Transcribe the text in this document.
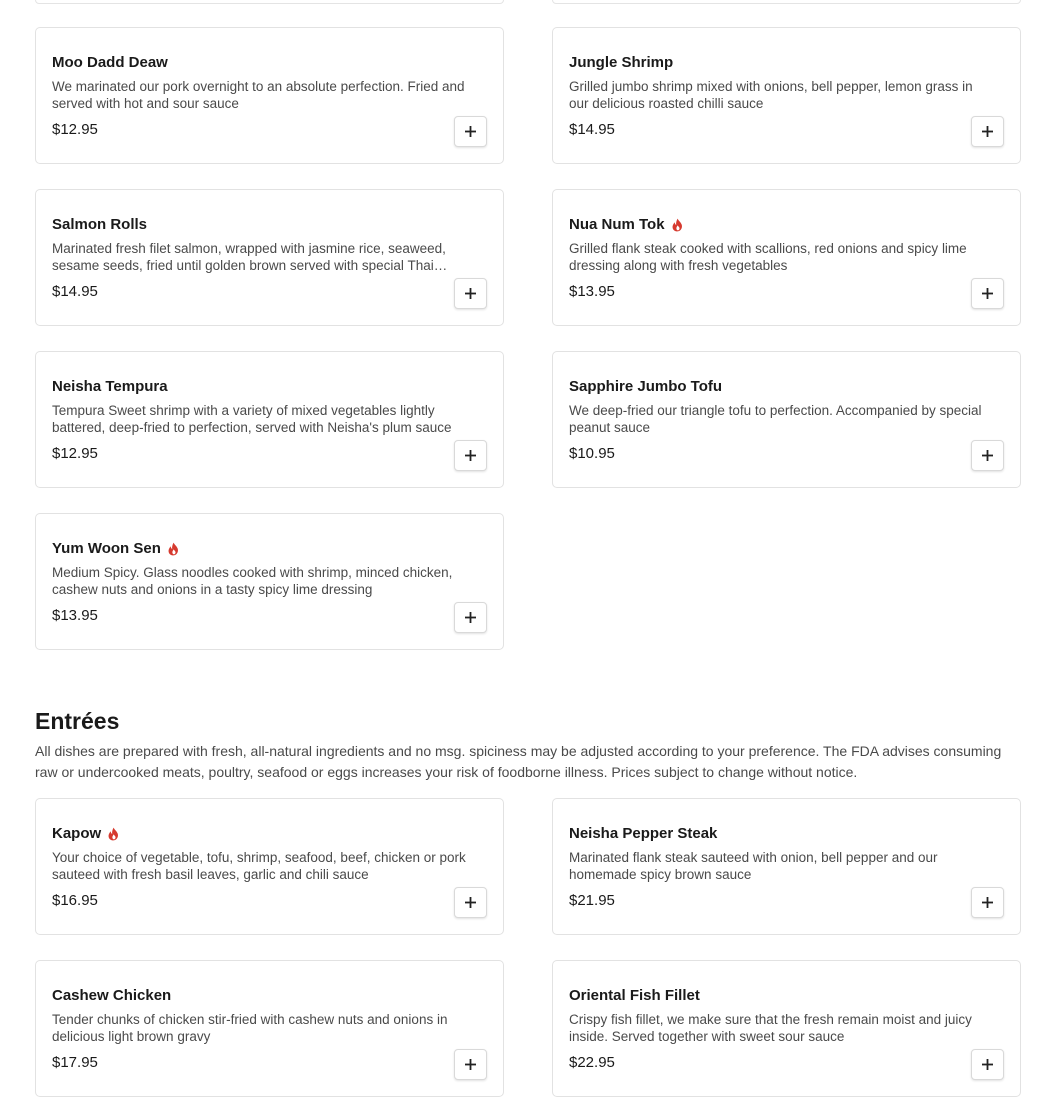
Moo Dadd Deaw
We marinated our pork overnight to an absolute perfection. Fried and served with hot and sour sauce
$12.95
Jungle Shrimp
Grilled jumbo shrimp mixed with onions, bell pepper, lemon grass in our delicious roasted chilli sauce
$14.95
Salmon Rolls
Marinated fresh filet salmon, wrapped with jasmine rice, seaweed, sesame seeds, fried until golden brown served with special Thai
$14.95
Nua Num Tok
Grilled flank steak cooked with scallions, red onions and spicy lime dressing along with fresh vegetables
$13.95
Neisha Tempura
Tempura Sweet shrimp with a variety of mixed vegetables lightly battered, deep-fried to perfection, served with Neisha's plum sauce
$12.95
Sapphire Jumbo Tofu
We deep-fried our triangle tofu to perfection. Accompanied by special peanut sauce
$10.95
Yum Woon Sen
Medium Spicy. Glass noodles cooked with shrimp, minced chicken, cashew nuts and onions in a tasty spicy lime dressing
$13.95
Entrées
All dishes are prepared with fresh, all-natural ingredients and no msg. spiciness may be adjusted according to your preference. The FDA advises consuming raw or undercooked meats, poultry, seafood or eggs increases your risk of foodborne illness. Prices subject to change without notice.
Kapow
Your choice of vegetable, tofu, shrimp, seafood, beef, chicken or pork sauteed with fresh basil leaves, garlic and chili sauce
$16.95
Neisha Pepper Steak
Marinated flank steak sauteed with onion, bell pepper and our homemade spicy brown sauce
$21.95
Cashew Chicken
Tender chunks of chicken stir-fried with cashew nuts and onions in delicious light brown gravy
$17.95
Oriental Fish Fillet
Crispy fish fillet, we make sure that the fresh remain moist and juicy inside. Served together with sweet sour sauce
$22.95
